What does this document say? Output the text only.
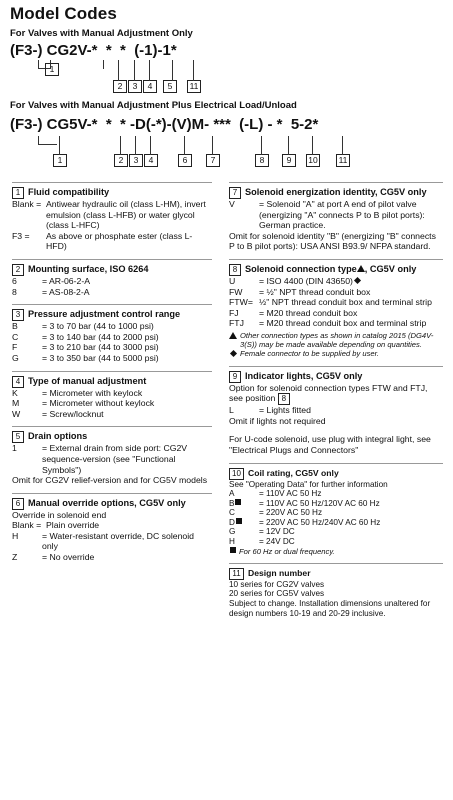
Model Codes
For Valves with Manual Adjustment Only
(F3-) CG2V-*  *  *  (-1)-1*
1
2	3	4	5	11
For Valves with Manual Adjustment Plus Electrical Load/Unload
(F3-) CG5V-*  *  * -D(-*)-(V)M- ***  (-L) - *  5-2*
1	2	3	4	6	7	8	9	10	11
1 Fluid compatibility
Blank = Antiwear hydraulic oil (class L-HM), invert emulsion (class L-HFB) or water glycol (class L-HFC)
F3 =	As above or phosphate ester (class L-HFD)
2 Mounting surface, ISO 6264
6	= AR-06-2-A
8	= AS-08-2-A
3 Pressure adjustment control range
B	= 3 to 70 bar (44 to 1000 psi)
C	= 3 to 140 bar (44 to 2000 psi)
F	= 3 to 210 bar (44 to 3000 psi)
G	= 3 to 350 bar (44 to 5000 psi)
4 Type of manual adjustment
K	= Micrometer with keylock
M	= Micrometer without keylock
W	= Screw/locknut
5 Drain options
1	= External drain from side port: CG2V sequence-version (see "Functional Symbols")
Omit for CG2V relief-version and for CG5V models
6 Manual override options, CG5V only
Override in solenoid end
Blank = Plain override
H	= Water-resistant override, DC solenoid only
Z	= No override
7 Solenoid energization identity, CG5V only
V	= Solenoid "A" at port A end of pilot valve (energizing "A" connects P to B pilot ports): German practice.
Omit for solenoid identity "B" (energizing "B" connects P to B pilot ports): USA ANSI B93.9/ NFPA standard.
8 Solenoid connection type , CG5V only
U	= ISO 4400 (DIN 43650)
FW	= ½" NPT thread conduit box
FTW= ½" NPT thread conduit box and terminal strip
FJ	= M20 thread conduit box
FTJ	= M20 thread conduit box and terminal strip
Other connection types as shown in catalog 2015 (DG4V-3(S)) may be made available depending on quantities.
Female connector to be supplied by user.
9 Indicator lights, CG5V only
Option for solenoid connection types FTW and FTJ, see position 8
L	= Lights fitted
Omit if lights not required
For U-code solenoid, use plug with integral light, see "Electrical Plugs and Connectors"
10 Coil rating, CG5V only
See "Operating Data" for further information
A	= 110V AC 50 Hz
B	= 110V AC 50 Hz/120V AC 60 Hz
C	= 220V AC 50 Hz
D	= 220V AC 50 Hz/240V AC 60 Hz
G	= 12V DC
H	= 24V DC
For 60 Hz or dual frequency.
11 Design number
10 series for CG2V valves
20 series for CG5V valves
Subject to change. Installation dimensions unaltered for design numbers 10-19 and 20-29 inclusive.
